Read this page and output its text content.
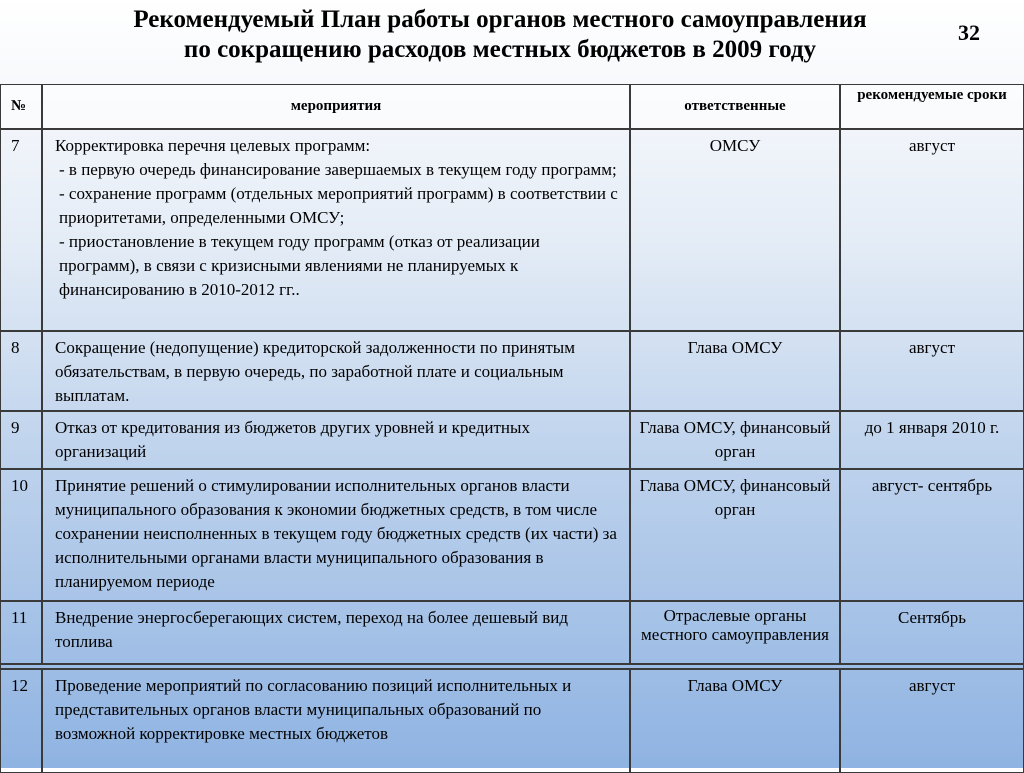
Рекомендуемый План работы органов местного самоуправления
по сокращению расходов местных бюджетов в 2009 году
32
№	мероприятия	ответственные	рекомендуемые сроки
7	Корректировка перечня целевых программ:
- в первую очередь финансирование завершаемых в текущем году программ;
- сохранение программ (отдельных мероприятий программ) в соответствии с приоритетами, определенными ОМСУ;
- приостановление в текущем году программ (отказ от реализации программ), в связи с кризисными явлениями не планируемых к финансированию в 2010-2012 гг..	ОМСУ	август
8	Сокращение (недопущение) кредиторской задолженности по принятым обязательствам, в первую очередь, по заработной плате и социальным выплатам.	Глава ОМСУ	август
9	Отказ от кредитования из бюджетов других уровней и кредитных организаций	Глава ОМСУ, финансовый орган	до 1 января 2010 г.
10	Принятие решений о стимулировании исполнительных органов власти муниципального образования к экономии бюджетных средств, в том числе сохранении неисполненных в текущем году бюджетных средств (их части) за исполнительными органами власти муниципального образования в планируемом периоде	Глава ОМСУ, финансовый орган	август- сентябрь
11	Внедрение энергосберегающих систем, переход на более дешевый вид топлива	Отраслевые органы местного самоуправления	Сентябрь

12	Проведение мероприятий по согласованию позиций исполнительных и представительных органов власти муниципальных образований по возможной корректировке местных бюджетов	Глава ОМСУ	август
